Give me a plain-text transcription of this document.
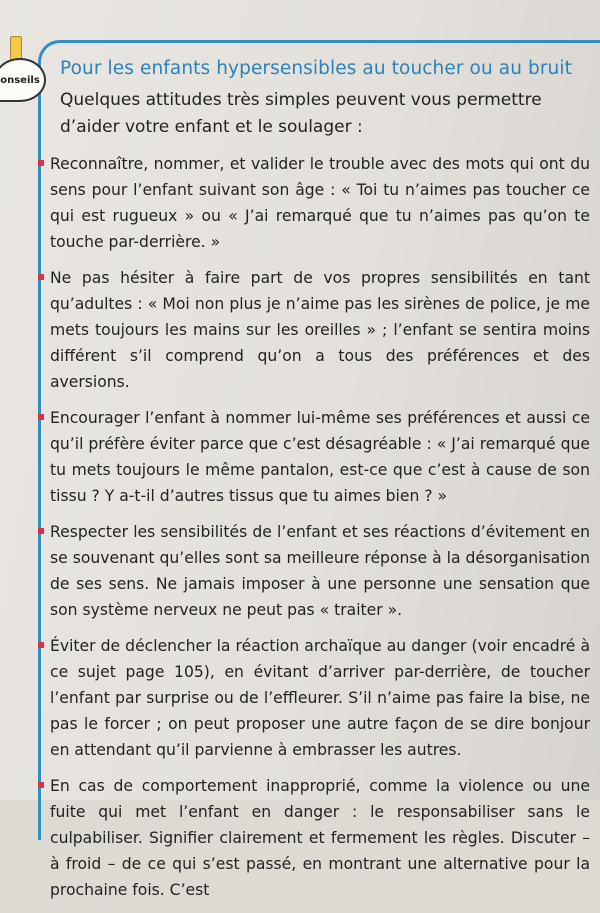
onseils
Pour les enfants hypersensibles au toucher ou au bruit

Quelques attitudes très simples peuvent vous permettre d’aider votre enfant et le soulager :

Reconnaître, nommer, et valider le trouble avec des mots qui ont du sens pour l’enfant suivant son âge : « Toi tu n’aimes pas toucher ce qui est rugueux » ou « J’ai remarqué que tu n’aimes pas qu’on te touche par-derrière. »
Ne pas hésiter à faire part de vos propres sensibilités en tant qu’adultes : « Moi non plus je n’aime pas les sirènes de police, je me mets toujours les mains sur les oreilles » ; l’enfant se sentira moins différent s’il comprend qu’on a tous des préférences et des aversions.
Encourager l’enfant à nommer lui-même ses préférences et aussi ce qu’il préfère éviter parce que c’est désagréable : « J’ai remarqué que tu mets toujours le même pantalon, est-ce que c’est à cause de son tissu ? Y a-t-il d’autres tissus que tu aimes bien ? »
Respecter les sensibilités de l’enfant et ses réactions d’évitement en se souvenant qu’elles sont sa meilleure réponse à la désorganisation de ses sens. Ne jamais imposer à une personne une sensation que son système nerveux ne peut pas « traiter ».
Éviter de déclencher la réaction archaïque au danger (voir encadré à ce sujet page 105), en évitant d’arriver par-derrière, de toucher l’enfant par surprise ou de l’effleurer. S’il n’aime pas faire la bise, ne pas le forcer ; on peut proposer une autre façon de se dire bonjour en attendant qu’il parvienne à embrasser les autres.
En cas de comportement inapproprié, comme la violence ou une fuite qui met l’enfant en danger : le responsabiliser sans le culpabiliser. Signifier clairement et fermement les règles. Discuter – à froid – de ce qui s’est passé, en montrant une alternative pour la prochaine fois. C’est
